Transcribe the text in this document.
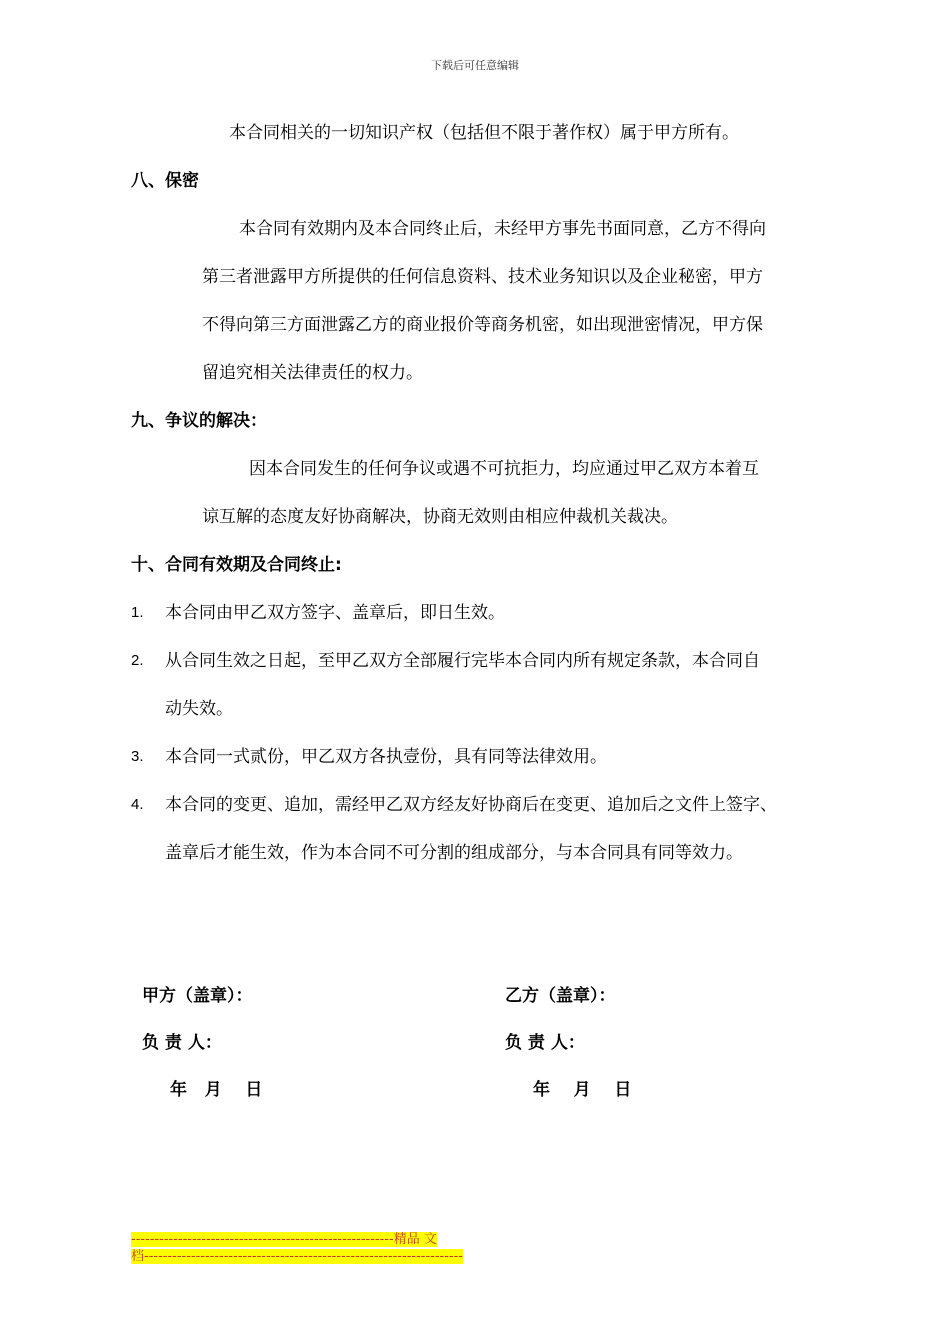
下载后可任意编辑
本合同相关的一切知识产权（包括但不限于著作权）属于甲方所有。
八、保密
本合同有效期内及本合同终止后，未经甲方事先书面同意，乙方不得向
第三者泄露甲方所提供的任何信息资料、技术业务知识以及企业秘密，甲方
不得向第三方面泄露乙方的商业报价等商务机密，如出现泄密情况，甲方保
留追究相关法律责任的权力。
九、争议的解决：
因本合同发生的任何争议或遇不可抗拒力，均应通过甲乙双方本着互
谅互解的态度友好协商解决，协商无效则由相应仲裁机关裁决。
十、合同有效期及合同终止:
1. 本合同由甲乙双方签字、盖章后，即日生效。
2. 从合同生效之日起，至甲乙双方全部履行完毕本合同内所有规定条款，本合同自
动失效。
3. 本合同一式贰份，甲乙双方各执壹份，具有同等法律效用。
4. 本合同的变更、追加，需经甲乙双方经友好协商后在变更、追加后之文件上签字、
盖章后才能生效，作为本合同不可分割的组成部分，与本合同具有同等效力。
甲方（盖章）：
负 责 人：
年   月    日
乙方（盖章）：
负 责 人：
年    月    日
--------------------------------------------------------精品 文
档--------------------------------------------------------------------
